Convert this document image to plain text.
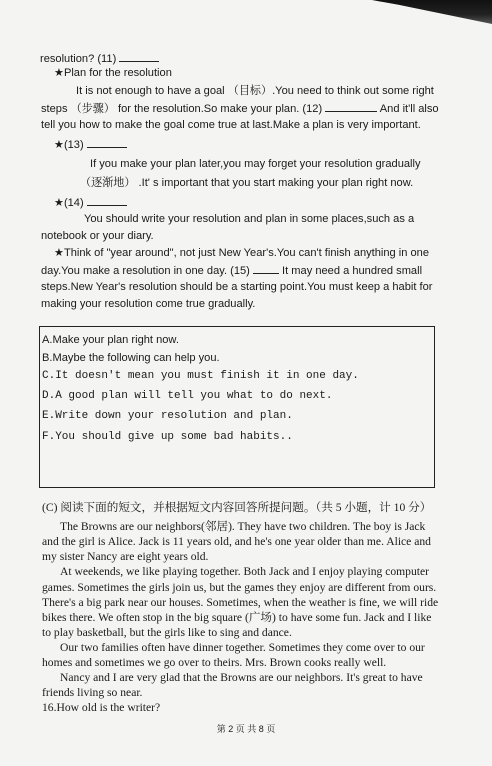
resolution? (11)
★Plan for the resolution
It is not enough to have a goal （目标）.You need to think out some right
steps （步骤） for the resolution.So make your plan. (12)	And it'll also
tell you how to make the goal come true at last.Make a plan is very important.
★(13)
If you make your plan later,you may forget your resolution gradually
（逐渐地） .It' s important that you start making your plan right now.
★(14)
You should write your resolution and plan in some places,such as a
notebook or your diary.
★Think of "year around", not just New Year's.You can't finish anything in one
day.You make a resolution in one day. (15)	It may need a hundred small
steps.New Year's resolution should be a starting point.You must keep a habit for
making your resolution come true gradually.
A.Make your plan right now.
B.Maybe the following can help you.
C.It doesn't mean you must finish it in one day.
D.A good plan will tell you what to do next.
E.Write down your resolution and plan.
F.You should give up some bad habits..
(C) 阅读下面的短文，并根据短文内容回答所提问题。（共 5 小题，计 10 分）
The Browns are our neighbors(邻居). They have two children. The boy is Jack
and the girl is Alice. Jack is 11 years old, and he's one year older than me. Alice and
my sister Nancy are eight years old.
At weekends, we like playing together. Both Jack and I enjoy playing computer
games. Sometimes the girls join us, but the games they enjoy are different from ours.
There's a big park near our houses. Sometimes, when the weather is fine, we will ride
bikes there. We often stop in the big square (广场) to have some fun. Jack and I like
to play basketball, but the girls like to sing and dance.
Our two families often have dinner together. Sometimes they come over to our
homes and sometimes we go over to theirs. Mrs. Brown cooks really well.
Nancy and I are very glad that the Browns are our neighbors. It's great to have
friends living so near.
16.How old is the writer?
第 2 页 共 8 页
